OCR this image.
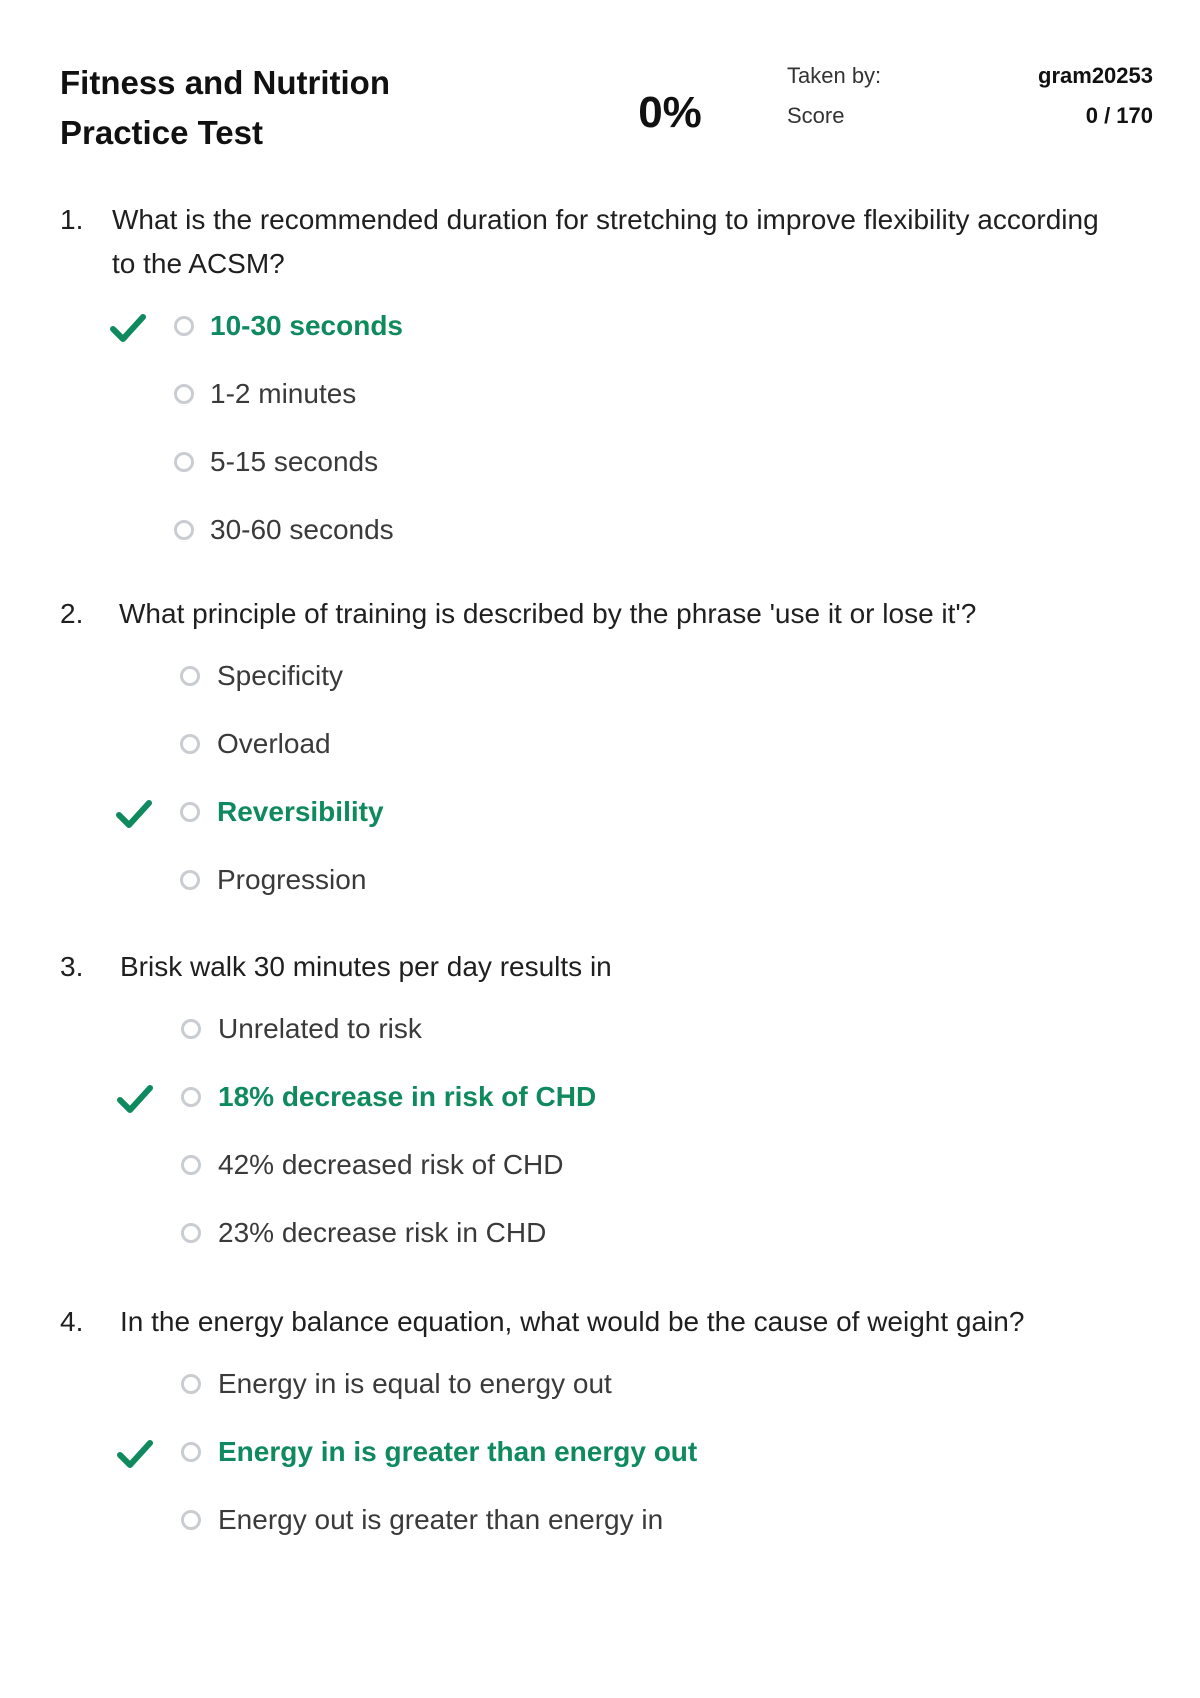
Fitness and Nutrition Practice Test	0%
Taken by:	gram20253
Score	0 / 170
1. What is the recommended duration for stretching to improve flexibility according to the ACSM?
10-30 seconds
1-2 minutes
5-15 seconds
30-60 seconds
2. What principle of training is described by the phrase 'use it or lose it'?
Specificity
Overload
Reversibility
Progression
3. Brisk walk 30 minutes per day results in
Unrelated to risk
18% decrease in risk of CHD
42% decreased risk of CHD
23% decrease risk in CHD
4. In the energy balance equation, what would be the cause of weight gain?
Energy in is equal to energy out
Energy in is greater than energy out
Energy out is greater than energy in
